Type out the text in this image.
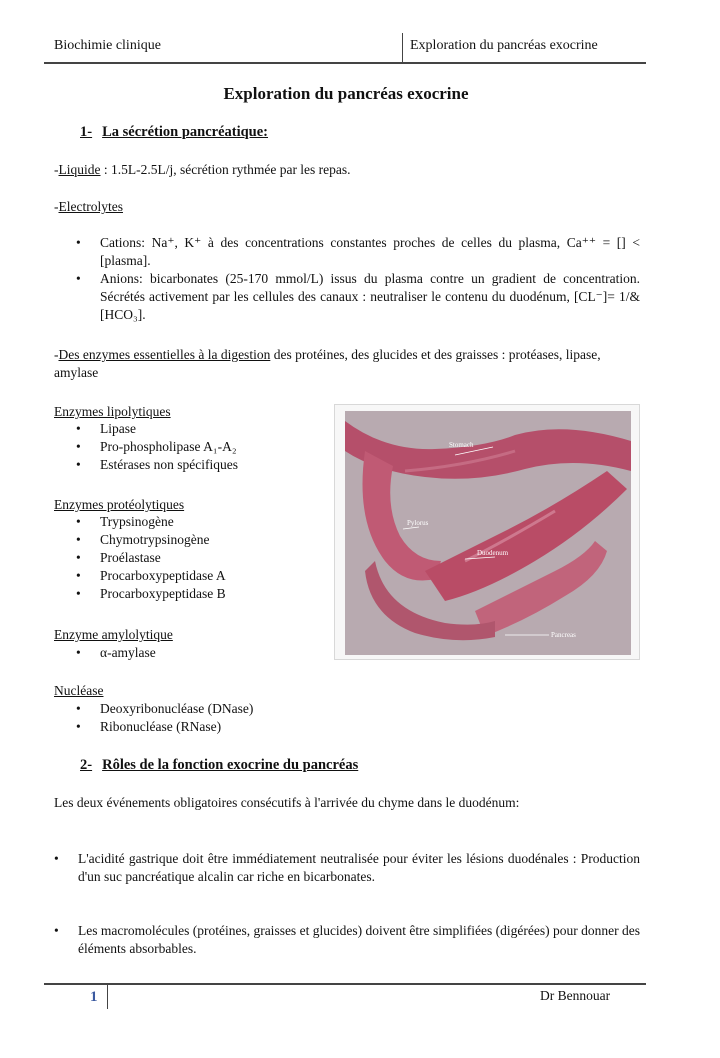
Biochimie clinique	Exploration du pancréas exocrine
Exploration du pancréas exocrine
1- La sécrétion pancréatique:
-Liquide : 1.5L-2.5L/j, sécrétion rythmée par les repas.
-Electrolytes
• Cations: Na⁺, K⁺ à des concentrations constantes proches de celles du plasma, Ca⁺⁺ = [] < [plasma].
• Anions: bicarbonates (25-170 mmol/L) issus du plasma contre un gradient de concentration. Sécrétés activement par les cellules des canaux : neutraliser le contenu du duodénum, [CL⁻]= 1/& [HCO₃].
-Des enzymes essentielles à la digestion des protéines, des glucides et des graisses : protéases, lipase, amylase
Enzymes lipolytiques
• Lipase
• Pro-phospholipase A₁-A₂
• Estérases non spécifiques
Enzymes protéolytiques
• Trypsinogène
• Chymotrypsinogène
• Proélastase
• Procarboxypeptidase A
• Procarboxypeptidase B
Enzyme amylolytique
• α-amylase
Nucléase
• Deoxyribonucléase (DNase)
• Ribonucléase (RNase)
Stomach
Pylorus
Duodenum
Pancreas
2- Rôles de la fonction exocrine du pancréas
Les deux événements obligatoires consécutifs à l'arrivée du chyme dans le duodénum:
• L'acidité gastrique doit être immédiatement neutralisée pour éviter les lésions duodénales : Production d'un suc pancréatique alcalin car riche en bicarbonates.
• Les macromolécules (protéines, graisses et glucides) doivent être simplifiées (digérées) pour donner des éléments absorbables.
1	Dr Bennouar
